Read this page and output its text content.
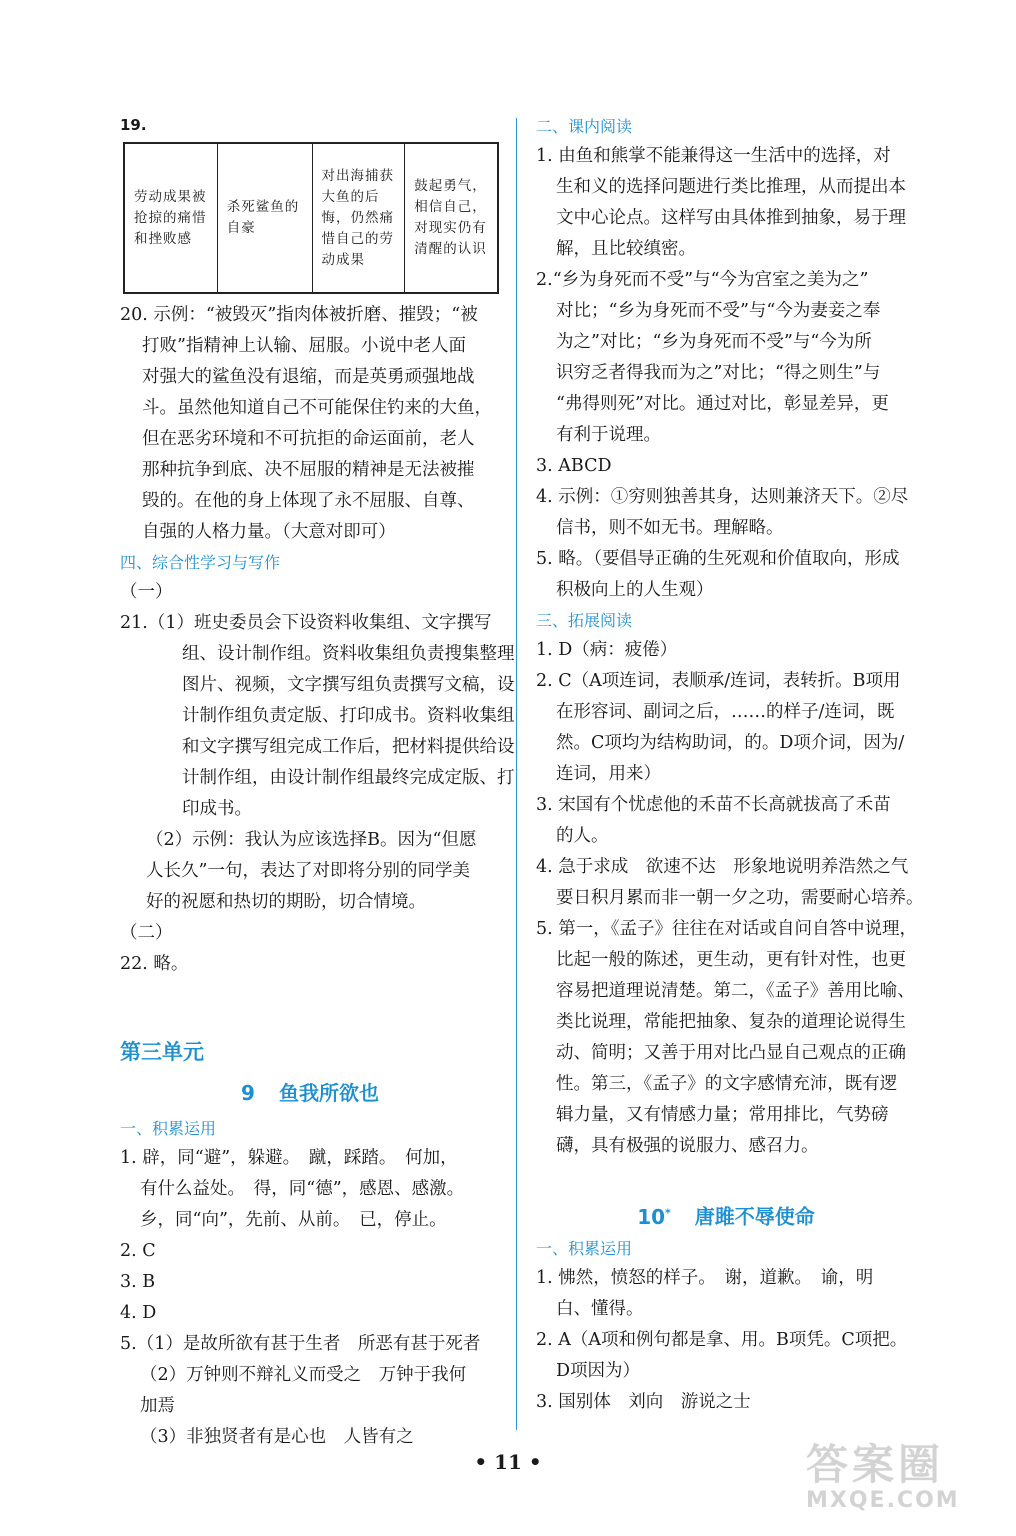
19.
劳动成果被抢掠的痛惜和挫败感	杀死鲨鱼的自豪	对出海捕获大鱼的后悔，仍然痛惜自己的劳动成果	鼓起勇气，相信自己，对现实仍有清醒的认识
20. 示例：“被毁灭”指肉体被折磨、摧毁；“被
打败”指精神上认输、屈服。小说中老人面
对强大的鲨鱼没有退缩，而是英勇顽强地战
斗。虽然他知道自己不可能保住钓来的大鱼，
但在恶劣环境和不可抗拒的命运面前，老人
那种抗争到底、决不屈服的精神是无法被摧
毁的。在他的身上体现了永不屈服、自尊、
自强的人格力量。（大意对即可）
四、综合性学习与写作
（一）
21.（1）班史委员会下设资料收集组、文字撰写
组、设计制作组。资料收集组负责搜集整理
图片、视频，文字撰写组负责撰写文稿，设
计制作组负责定版、打印成书。资料收集组
和文字撰写组完成工作后，把材料提供给设
计制作组，由设计制作组最终完成定版、打
印成书。
（2）示例：我认为应该选择B。因为“但愿
人长久”一句，表达了对即将分别的同学美
好的祝愿和热切的期盼，切合情境。
（二）
22. 略。
第三单元
9 鱼我所欲也
一、积累运用
1. 辟，同“避”，躲避。　蹴，踩踏。　何加，
有什么益处。　得，同“德”，感恩、感激。
乡，同“向”，先前、从前。　已，停止。
2. C
3. B
4. D
5.（1）是故所欲有甚于生者　所恶有甚于死者
（2）万钟则不辩礼义而受之　万钟于我何
加焉
（3）非独贤者有是心也　人皆有之
二、课内阅读
1. 由鱼和熊掌不能兼得这一生活中的选择，对
生和义的选择问题进行类比推理，从而提出本
文中心论点。这样写由具体推到抽象，易于理
解，且比较缜密。
2.“乡为身死而不受”与“今为宫室之美为之”
对比；“乡为身死而不受”与“今为妻妾之奉
为之”对比；“乡为身死而不受”与“今为所
识穷乏者得我而为之”对比；“得之则生”与
“弗得则死”对比。通过对比，彰显差异，更
有利于说理。
3. ABCD
4. 示例：①穷则独善其身，达则兼济天下。②尽
信书，则不如无书。理解略。
5. 略。（要倡导正确的生死观和价值取向，形成
积极向上的人生观）
三、拓展阅读
1. D（病：疲倦）
2. C（A项连词，表顺承/连词，表转折。B项用
在形容词、副词之后，……的样子/连词，既
然。C项均为结构助词，的。D项介词，因为/
连词，用来）
3. 宋国有个忧虑他的禾苗不长高就拔高了禾苗
的人。
4. 急于求成　欲速不达　形象地说明养浩然之气
要日积月累而非一朝一夕之功，需要耐心培养。
5. 第一，《孟子》往往在对话或自问自答中说理，
比起一般的陈述，更生动，更有针对性，也更
容易把道理说清楚。第二，《孟子》善用比喻、
类比说理，常能把抽象、复杂的道理论说得生
动、简明；又善于用对比凸显自己观点的正确
性。第三，《孟子》的文字感情充沛，既有逻
辑力量，又有情感力量；常用排比，气势磅
礴，具有极强的说服力、感召力。
10* 唐雎不辱使命
一、积累运用
1. 怫然，愤怒的样子。　谢，道歉。　谕，明
白、懂得。
2. A（A项和例句都是拿、用。B项凭。C项把。
D项因为）
3. 国别体　刘向　游说之士
• 11 •	答案圈
MXQE.COM
